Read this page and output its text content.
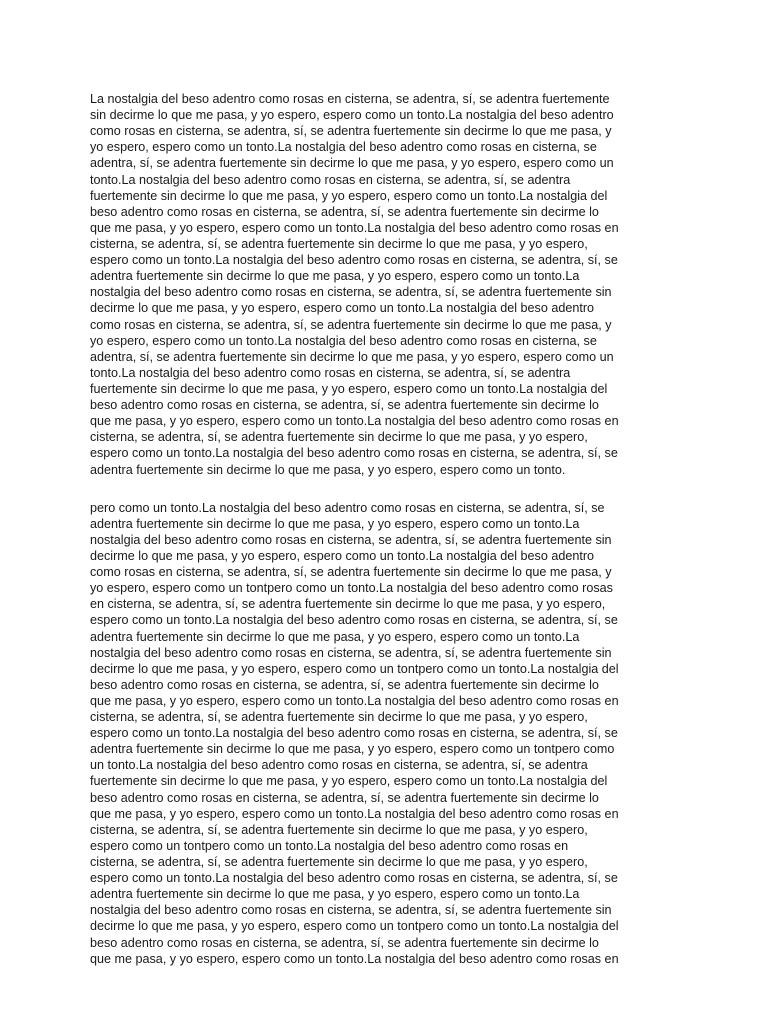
La nostalgia del beso adentro como rosas en cisterna, se adentra, sí, se adentra fuertemente
sin decirme lo que me pasa, y yo espero, espero como un tonto.La nostalgia del beso adentro
como rosas en cisterna, se adentra, sí, se adentra fuertemente sin decirme lo que me pasa, y
yo espero, espero como un tonto.La nostalgia del beso adentro como rosas en cisterna, se
adentra, sí, se adentra fuertemente sin decirme lo que me pasa, y yo espero, espero como un
tonto.La nostalgia del beso adentro como rosas en cisterna, se adentra, sí, se adentra
fuertemente sin decirme lo que me pasa, y yo espero, espero como un tonto.La nostalgia del
beso adentro como rosas en cisterna, se adentra, sí, se adentra fuertemente sin decirme lo
que me pasa, y yo espero, espero como un tonto.La nostalgia del beso adentro como rosas en
cisterna, se adentra, sí, se adentra fuertemente sin decirme lo que me pasa, y yo espero,
espero como un tonto.La nostalgia del beso adentro como rosas en cisterna, se adentra, sí, se
adentra fuertemente sin decirme lo que me pasa, y yo espero, espero como un tonto.La
nostalgia del beso adentro como rosas en cisterna, se adentra, sí, se adentra fuertemente sin
decirme lo que me pasa, y yo espero, espero como un tonto.La nostalgia del beso adentro
como rosas en cisterna, se adentra, sí, se adentra fuertemente sin decirme lo que me pasa, y
yo espero, espero como un tonto.La nostalgia del beso adentro como rosas en cisterna, se
adentra, sí, se adentra fuertemente sin decirme lo que me pasa, y yo espero, espero como un
tonto.La nostalgia del beso adentro como rosas en cisterna, se adentra, sí, se adentra
fuertemente sin decirme lo que me pasa, y yo espero, espero como un tonto.La nostalgia del
beso adentro como rosas en cisterna, se adentra, sí, se adentra fuertemente sin decirme lo
que me pasa, y yo espero, espero como un tonto.La nostalgia del beso adentro como rosas en
cisterna, se adentra, sí, se adentra fuertemente sin decirme lo que me pasa, y yo espero,
espero como un tonto.La nostalgia del beso adentro como rosas en cisterna, se adentra, sí, se
adentra fuertemente sin decirme lo que me pasa, y yo espero, espero como un tonto.
pero como un tonto.La nostalgia del beso adentro como rosas en cisterna, se adentra, sí, se
adentra fuertemente sin decirme lo que me pasa, y yo espero, espero como un tonto.La
nostalgia del beso adentro como rosas en cisterna, se adentra, sí, se adentra fuertemente sin
decirme lo que me pasa, y yo espero, espero como un tonto.La nostalgia del beso adentro
como rosas en cisterna, se adentra, sí, se adentra fuertemente sin decirme lo que me pasa, y
yo espero, espero como un tontpero como un tonto.La nostalgia del beso adentro como rosas
en cisterna, se adentra, sí, se adentra fuertemente sin decirme lo que me pasa, y yo espero,
espero como un tonto.La nostalgia del beso adentro como rosas en cisterna, se adentra, sí, se
adentra fuertemente sin decirme lo que me pasa, y yo espero, espero como un tonto.La
nostalgia del beso adentro como rosas en cisterna, se adentra, sí, se adentra fuertemente sin
decirme lo que me pasa, y yo espero, espero como un tontpero como un tonto.La nostalgia del
beso adentro como rosas en cisterna, se adentra, sí, se adentra fuertemente sin decirme lo
que me pasa, y yo espero, espero como un tonto.La nostalgia del beso adentro como rosas en
cisterna, se adentra, sí, se adentra fuertemente sin decirme lo que me pasa, y yo espero,
espero como un tonto.La nostalgia del beso adentro como rosas en cisterna, se adentra, sí, se
adentra fuertemente sin decirme lo que me pasa, y yo espero, espero como un tontpero como
un tonto.La nostalgia del beso adentro como rosas en cisterna, se adentra, sí, se adentra
fuertemente sin decirme lo que me pasa, y yo espero, espero como un tonto.La nostalgia del
beso adentro como rosas en cisterna, se adentra, sí, se adentra fuertemente sin decirme lo
que me pasa, y yo espero, espero como un tonto.La nostalgia del beso adentro como rosas en
cisterna, se adentra, sí, se adentra fuertemente sin decirme lo que me pasa, y yo espero,
espero como un tontpero como un tonto.La nostalgia del beso adentro como rosas en
cisterna, se adentra, sí, se adentra fuertemente sin decirme lo que me pasa, y yo espero,
espero como un tonto.La nostalgia del beso adentro como rosas en cisterna, se adentra, sí, se
adentra fuertemente sin decirme lo que me pasa, y yo espero, espero como un tonto.La
nostalgia del beso adentro como rosas en cisterna, se adentra, sí, se adentra fuertemente sin
decirme lo que me pasa, y yo espero, espero como un tontpero como un tonto.La nostalgia del
beso adentro como rosas en cisterna, se adentra, sí, se adentra fuertemente sin decirme lo
que me pasa, y yo espero, espero como un tonto.La nostalgia del beso adentro como rosas en
